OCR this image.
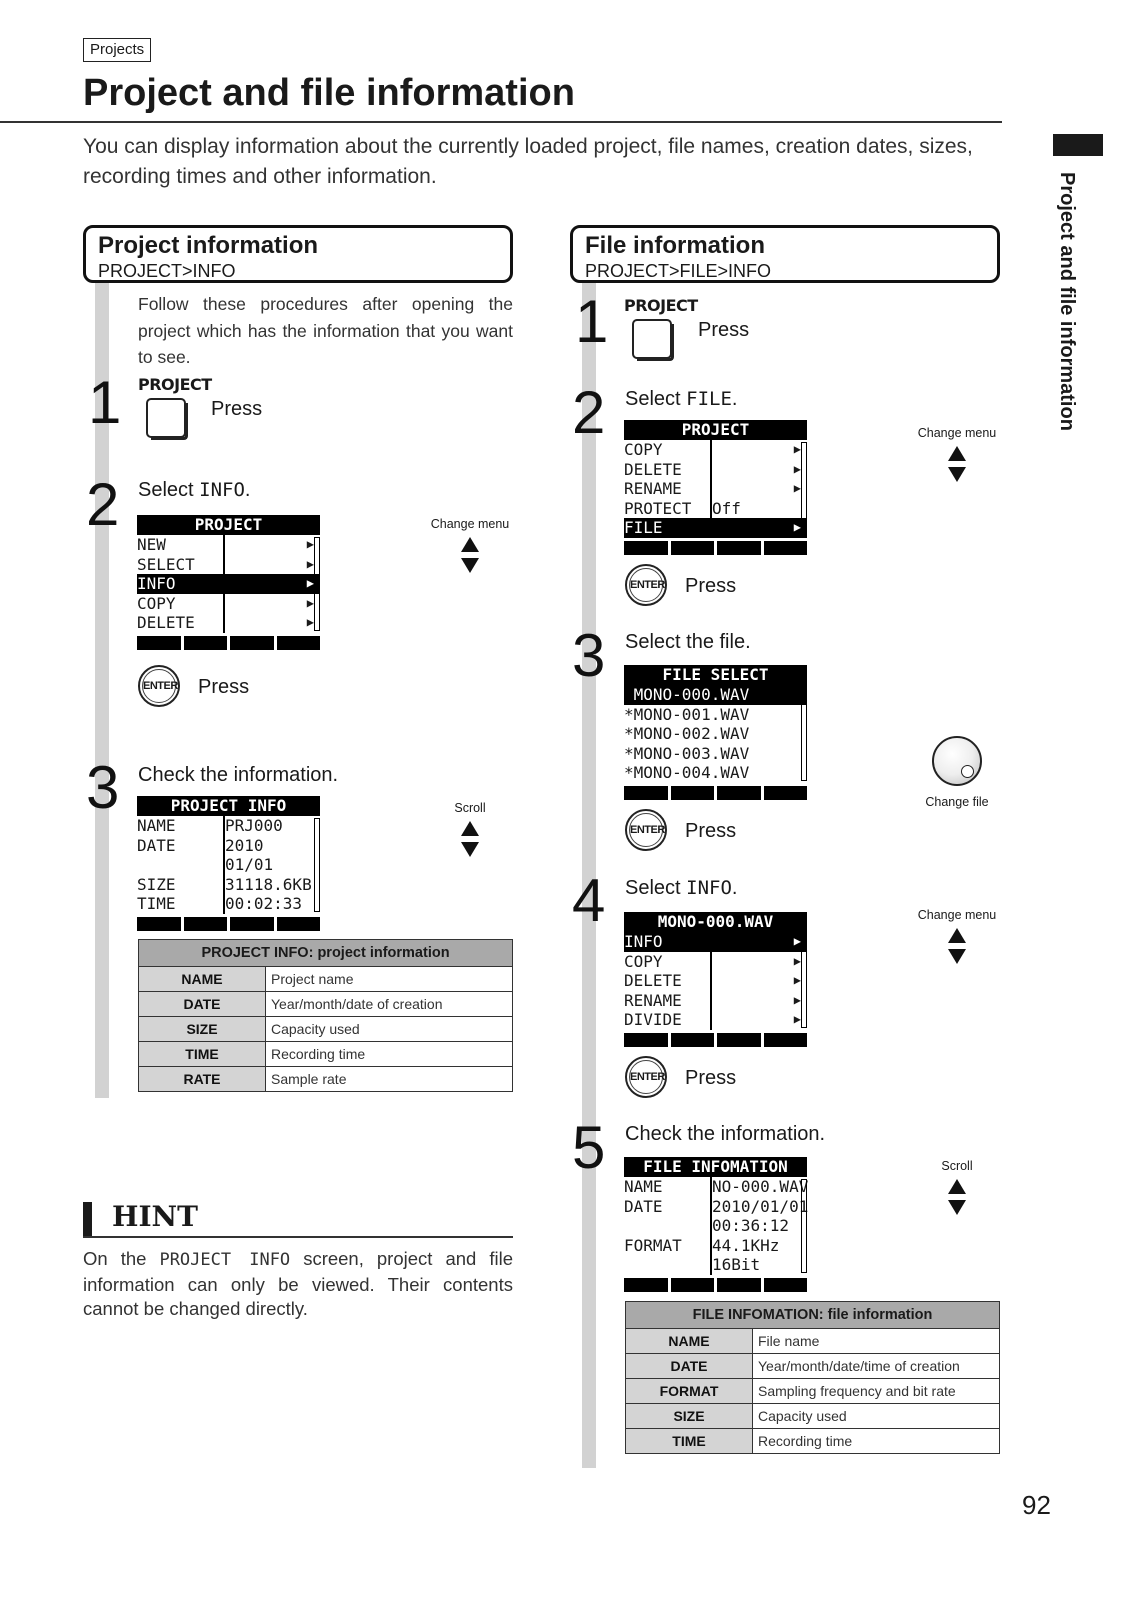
Projects
Project and file information

You can display information about the currently loaded project, file names, creation dates, sizes, recording times and other information.	Project and file information
Project information
PROJECT>INFO
Follow these procedures after opening the project which has the information that you want to see.
1 PROJECT
Press
2 Select INFO.
PROJECT
NEW	▶
SELECT	▶
INFO	▶
COPY	▶
DELETE	▶
Change menu
ENTER Press
3 Check the information.
PROJECT INFO
NAME	PRJ000
DATE	2010
01/01
SIZE	31118.6KB
TIME	00:02:33
Scroll
PROJECT INFO: project information	
NAME	Project name
DATE	Year/month/date of creation
SIZE	Capacity used
TIME	Recording time
RATE	Sample rate
HINT
On the PROJECT INFO screen, project and file information can only be viewed. Their contents cannot be changed directly.
File information
PROJECT>FILE>INFO
1 PROJECT
Press
2 Select FILE.
PROJECT
COPY	▶
DELETE	▶
RENAME	▶
PROTECT Off
FILE	▶
Change menu
ENTER Press
3 Select the file.
FILE SELECT
MONO-000.WAV
*MONO-001.WAV
*MONO-002.WAV
*MONO-003.WAV
*MONO-004.WAV
Change file
ENTER Press
4 Select INFO.
MONO-000.WAV
INFO	▶
COPY	▶
DELETE	▶
RENAME	▶
DIVIDE	▶
Change menu
ENTER Press
5 Check the information.
FILE INFOMATION
NAME	NO-000.WAV
DATE	2010/01/01
00:36:12
FORMAT 44.1KHz
16Bit
Scroll
FILE INFOMATION: file information	
NAME	File name
DATE	Year/month/date/time of creation
FORMAT	Sampling frequency and bit rate
SIZE	Capacity used
TIME	Recording time
92
